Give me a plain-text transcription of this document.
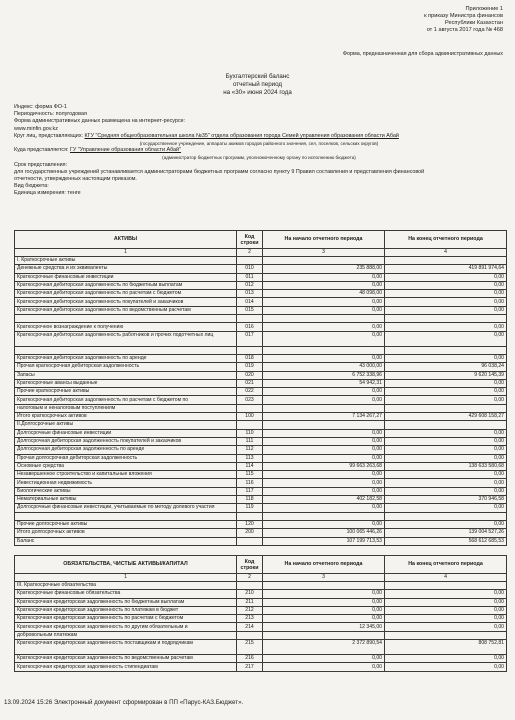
Приложение 1
к приказу Министра финансов
Республики Казахстан
от 1 августа 2017 года № 468
Форма, предназначенная для сбора административных данных
Бухгалтерский баланс
отчетный период
на «30» июня 2024 года
Индекс: форма ФО-1
Периодичность: полугодовая
Форма административных данных размещена на интернет-ресурсе:
www.minfin.gov.kz
Круг лиц, представляющих: КГУ "Средняя общеобразовательная школа №35" отдела образования города Семей управления образования области Абай
(государственное учреждение, аппараты акимов городов районного значения, сел, поселков, сельских округов)
Куда представляется: ГУ "Управление образования области Абай"
(администратор бюджетных программ, уполномоченному органу по исполнению бюджета)
Срок представления:
для государственных учреждений устанавливается администраторами бюджетных программ согласно пункту 9 Правил составления и представления финансовой
отчетности, утвержденных настоящим приказом.
Вид бюджета:
Единица измерения: тенге
АКТИВЫ	Код строки	На начало отчетного периода	На конец отчетного периода
1	2	3	4
I. Краткосрочные активы			
Денежные средства и их эквиваленты	010	235 888,00	419 891 974,64
Краткосрочные финансовые инвестиции	011	0,00	0,00
Краткосрочная дебиторская задолженность по бюджетным выплатам	012	0,00	0,00
Краткосрочная дебиторская задолженность по расчетам с бюджетом	013	48 098,00	0,00
Краткосрочная дебиторская задолженность покупателей и заказчиков	014	0,00	0,00
Краткосрочная дебиторская задолженность по ведомственным расчетам	015	0,00	0,00

Краткосрочное вознаграждение к получению	016	0,00	0,00
Краткосрочная дебиторская задолженность работников и прочих подотчетных лиц	017	0,00	0,00

Краткосрочная дебиторская задолженность по аренде	018	0,00	0,00
Прочая краткосрочная дебиторская задолженность	019	43 000,00	96 038,24
Запасы	020	6 752 338,96	9 620 145,39
Краткосрочные авансы выданные	021	54 942,31	0,00
Прочие краткосрочные активы	022	0,00	0,00
Краткосрочная дебиторская задолженность по расчетам с бюджетом по	023	0,00	0,00
налоговым и неналоговым поступлениям			
Итого краткосрочных активов	100	7 134 267,27	429 608 158,27
II.Долгосрочные активы			
Долгосрочные финансовые инвестиции	110	0,00	0,00
Долгосрочная дебиторская задолженность покупателей и заказчиков	111	0,00	0,00
Долгосрочная дебиторская задолженность по аренде	112	0,00	0,00
Прочая долгосрочная дебиторская задолженность	113	0,00	0,00
Основные средства	114	99 663 263,68	138 633 580,68
Незавершенное строительство и капитальные вложения	115	0,00	0,00
Инвестиционная недвижимость	116	0,00	0,00
Биологические активы	117	0,00	0,00
Нематериальные активы	118	402 182,58	370 946,58
Долгосрочные финансовые инвестиции, учитываемые по методу долевого участия	119	0,00	0,00

Прочие долгосрочные активы	120	0,00	0,00
Итого долгосрочных активов	200	100 065 446,26	139 004 527,26
Баланс		107 199 713,53	568 612 685,53
ОБЯЗАТЕЛЬСТВА, ЧИСТЫЕ АКТИВЫ/КАПИТАЛ	Код строки	На начало отчетного периода	На конец отчетного периода
1	2	3	4
III. Краткосрочные обязательства			
Краткосрочные финансовые обязательства	210	0,00	0,00
Краткосрочная кредиторская задолженность по бюджетным выплатам	211	0,00	0,00
Краткосрочная кредиторская задолженность по платежам в бюджет	212	0,00	0,00
Краткосрочная кредиторская задолженность по расчетам с бюджетом	213	0,00	0,00
Краткосрочная кредиторская задолженность по другим обязательным и	214	12 345,00	0,00
добровольным платежам			
Краткосрочная кредиторская задолженность поставщикам и подрядчикам	215	2 372 890,54	808 752,81
Краткосрочная кредиторская задолженность по ведомственным расчетам	216	0,00	0,00
Краткосрочная кредиторская задолженность стипендиатам	217	0,00	0,00
13.09.2024 15:26 Электронный документ сформирован в ПП «Парус-КАЗ.Бюджет».
